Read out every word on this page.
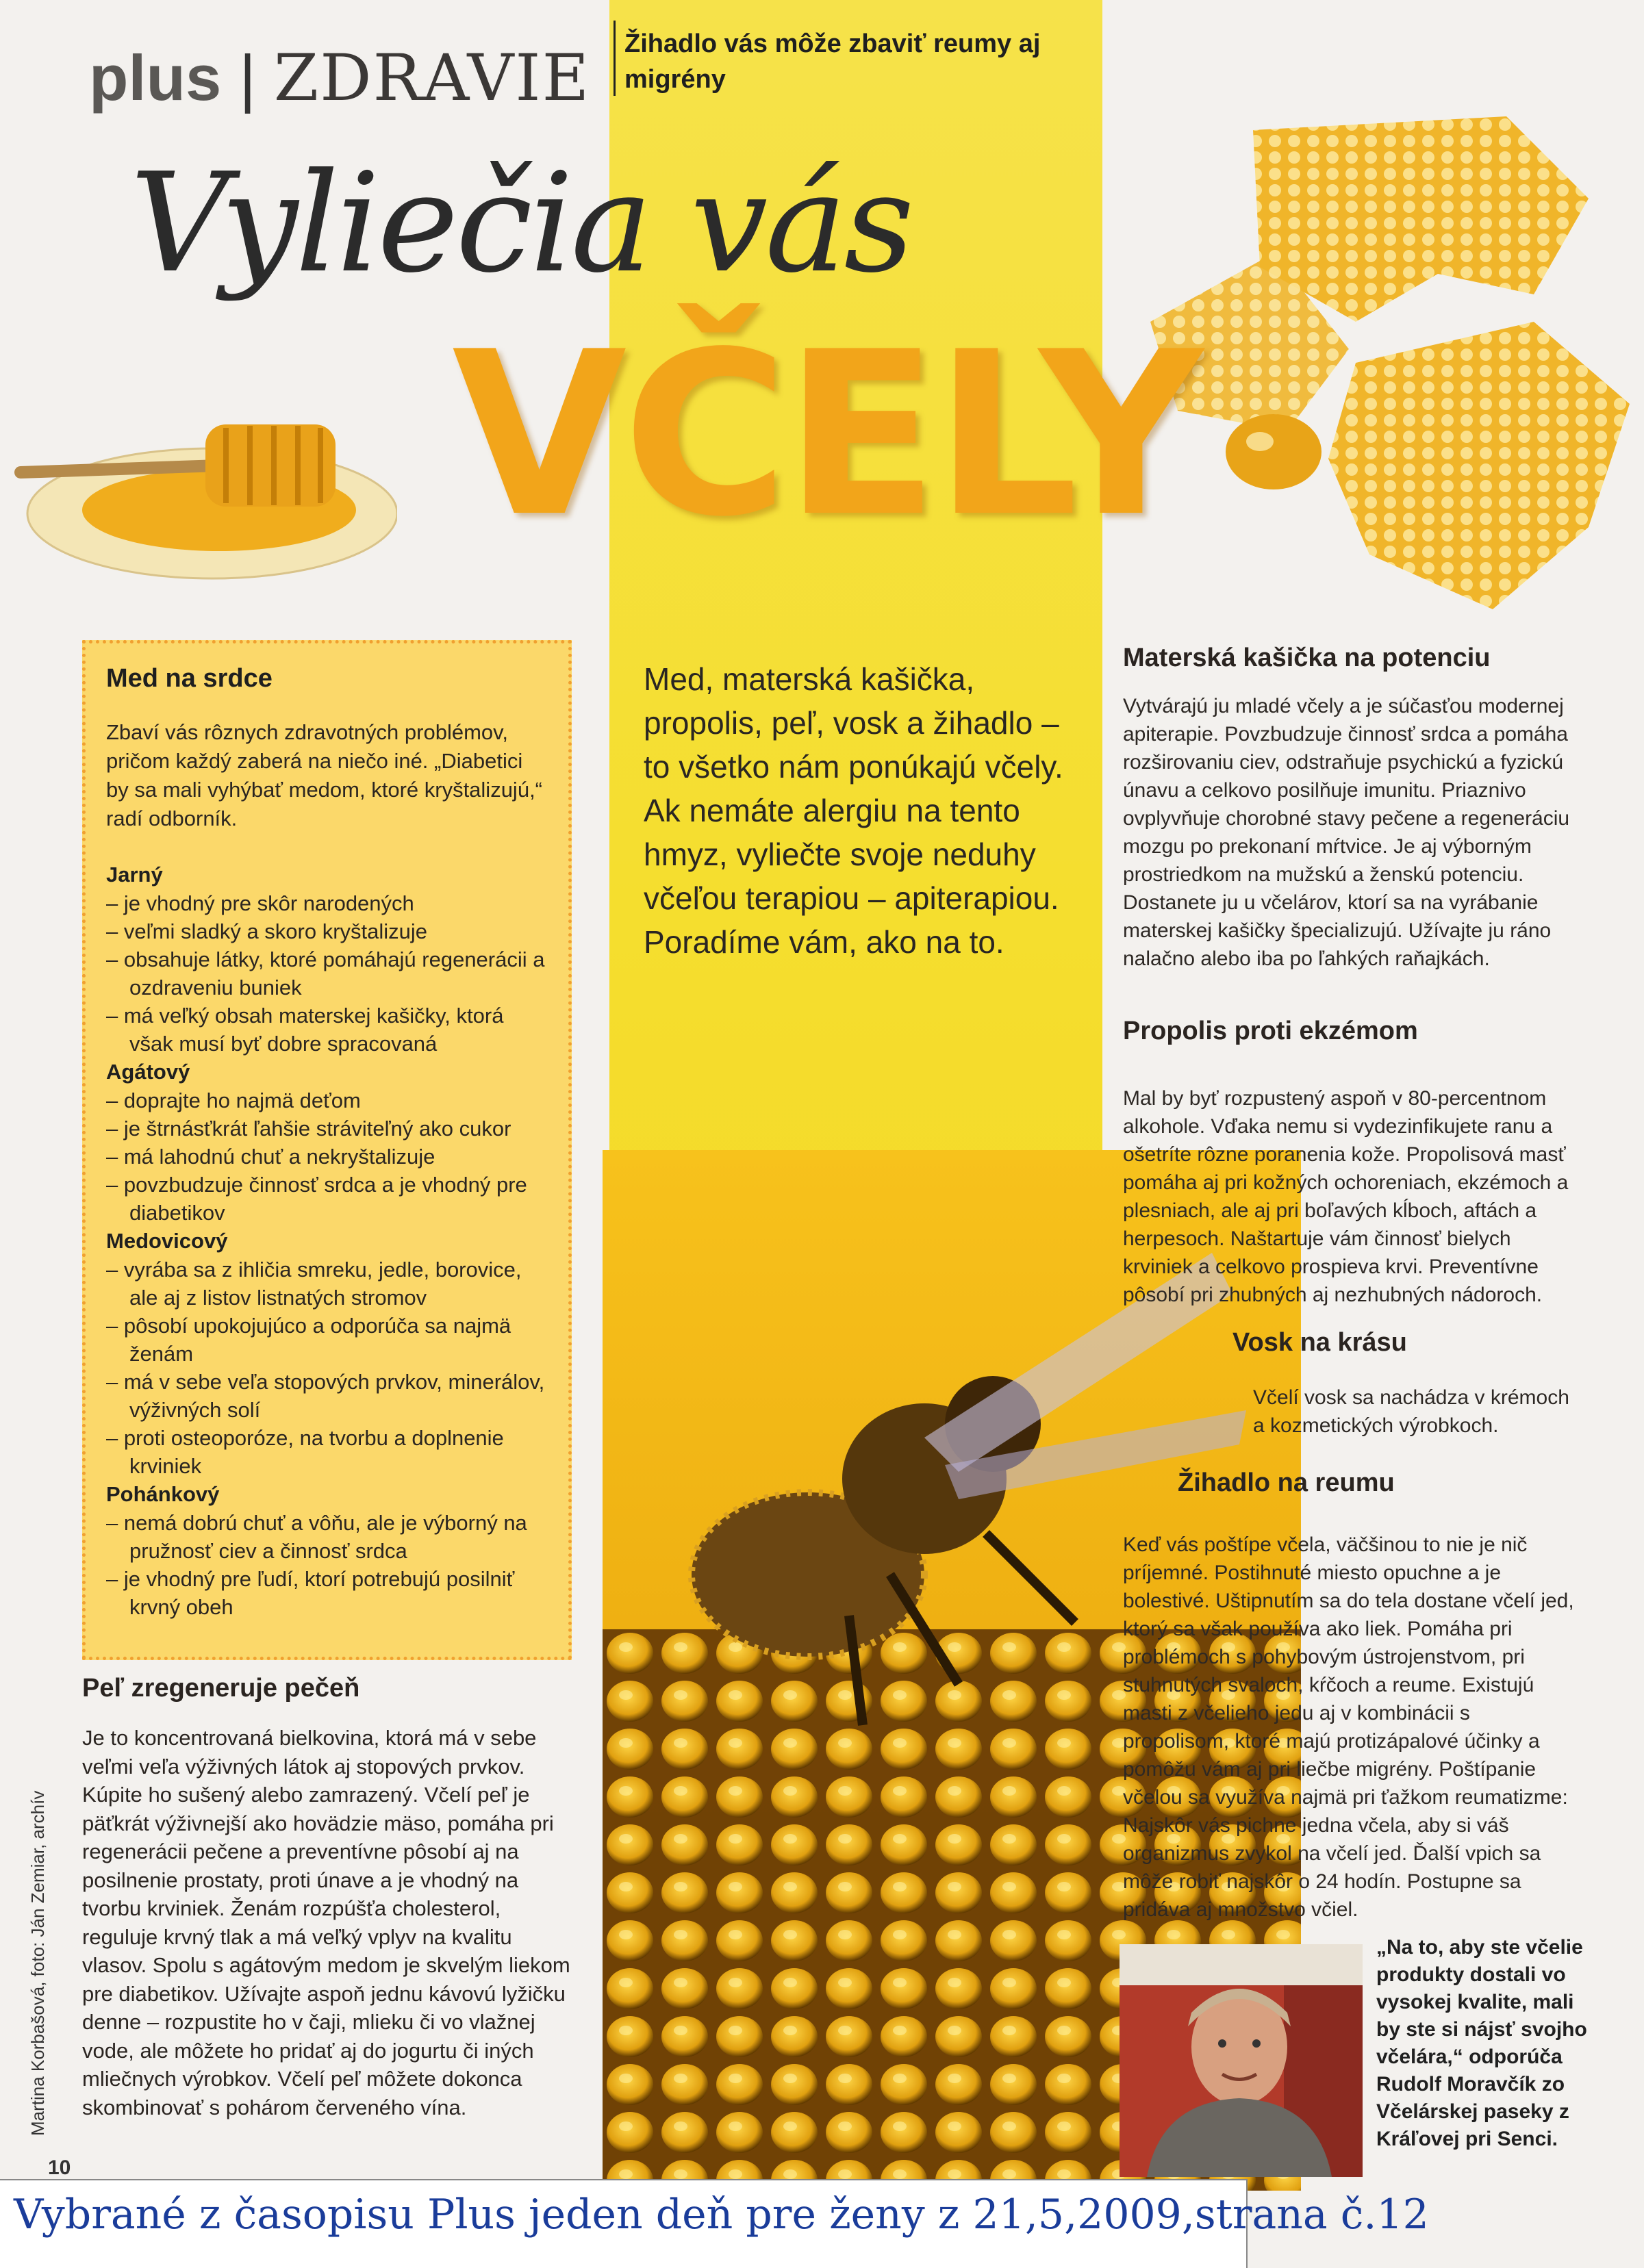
plus | ZDRAVIE Žihadlo vás môže zbaviť reumy aj migrény
Vyliečia vás
VČELY
Med, materská kašička, propolis, peľ, vosk a žihadlo – to všetko nám ponúkajú včely. Ak nemáte alergiu na tento hmyz, vyliečte svoje neduhy včeľou terapiou – apiterapiou. Poradíme vám, ako na to.
Med na srdce

Zbaví vás rôznych zdravotných problémov, pričom každý zaberá na niečo iné. „Diabetici by sa mali vyhýbať medom, ktoré kryštalizujú,“ radí odborník.

Jarný
– je vhodný pre skôr narodených
– veľmi sladký a skoro kryštalizuje
– obsahuje látky, ktoré pomáhajú regenerácii a ozdraveniu buniek
– má veľký obsah materskej kašičky, ktorá však musí byť dobre spracovaná
Agátový
– doprajte ho najmä deťom
– je štrnásťkrát ľahšie stráviteľný ako cukor
– má lahodnú chuť a nekryštalizuje
– povzbudzuje činnosť srdca a je vhodný pre diabetikov
Medovicový
– vyrába sa z ihličia smreku, jedle, borovice, ale aj z listov listnatých stromov
– pôsobí upokojujúco a odporúča sa najmä ženám
– má v sebe veľa stopových prvkov, minerálov, výživných solí
– proti osteoporóze, na tvorbu a doplnenie krviniek
Pohánkový
– nemá dobrú chuť a vôňu, ale je výborný na pružnosť ciev a činnosť srdca
– je vhodný pre ľudí, ktorí potrebujú posilniť krvný obeh
Peľ zregeneruje pečeň

Je to koncentrovaná bielkovina, ktorá má v sebe veľmi veľa výživných látok aj stopových prvkov. Kúpite ho sušený alebo zamrazený. Včelí peľ je päťkrát výživnejší ako hovädzie mäso, pomáha pri regenerácii pečene a preventívne pôsobí aj na posilnenie prostaty, proti únave a je vhodný na tvorbu krviniek. Ženám rozpúšťa cholesterol, reguluje krvný tlak a má veľký vplyv na kvalitu vlasov. Spolu s agátovým medom je skvelým liekom pre diabetikov. Užívajte aspoň jednu kávovú lyžičku denne – rozpustite ho v čaji, mlieku či vo vlažnej vode, ale môžete ho pridať aj do jogurtu či iných mliečnych výrobkov. Včelí peľ môžete dokonca skombinovať s pohárom červeného vína.

Materská kašička na potenciu

Vytvárajú ju mladé včely a je súčasťou modernej apiterapie. Povzbudzuje činnosť srdca a pomáha rozširovaniu ciev, odstraňuje psychickú a fyzickú únavu a celkovo posilňuje imunitu. Priaznivo ovplyvňuje chorobné stavy pečene a regeneráciu mozgu po prekonaní mŕtvice. Je aj výborným prostriedkom na mužskú a ženskú potenciu. Dostanete ju u včelárov, ktorí sa na vyrábanie materskej kašičky špecializujú. Užívajte ju ráno nalačno alebo iba po ľahkých raňajkách.

Propolis proti ekzémom

Mal by byť rozpustený aspoň v 80-percentnom alkohole. Vďaka nemu si vydezinfikujete ranu a ošetríte rôzne poranenia kože. Propolisová masť pomáha aj pri kožných ochoreniach, ekzémoch a plesniach, ale aj pri boľavých kĺboch, aftách a herpesoch. Naštartuje vám činnosť bielych krviniek a celkovo prospieva krvi. Preventívne pôsobí pri zhubných aj nezhubných nádoroch.

Vosk na krásu

Včelí vosk sa nachádza v krémoch a kozmetických výrobkoch.

Žihadlo na reumu

Keď vás poštípe včela, väčšinou to nie je nič príjemné. Postihnuté miesto opuchne a je bolestivé. Uštipnutím sa do tela dostane včelí jed, ktorý sa však používa ako liek. Pomáha pri problémoch s pohybovým ústrojenstvom, pri stuhnutých svaloch, kŕčoch a reume. Existujú masti z včelieho jedu aj v kombinácii s propolisom, ktoré majú protizápalové účinky a pomôžu vám aj pri liečbe migrény. Poštípanie včelou sa využíva najmä pri ťažkom reumatizme: Najskôr vás pichne jedna včela, aby si váš organizmus zvykol na včelí jed. Ďalší vpich sa môže robiť najskôr o 24 hodín. Postupne sa pridáva aj množstvo včiel.

„Na to, aby ste včelie produkty dostali vo vysokej kvalite, mali by ste si nájsť svojho včelára,“ odporúča Rudolf Moravčík zo Včelárskej paseky z Kráľovej pri Senci.
Martina Korbašová, foto: Ján Zemiar, archív
10
Vybrané z časopisu Plus jeden deň pre ženy z 21,5,2009,strana č.12
